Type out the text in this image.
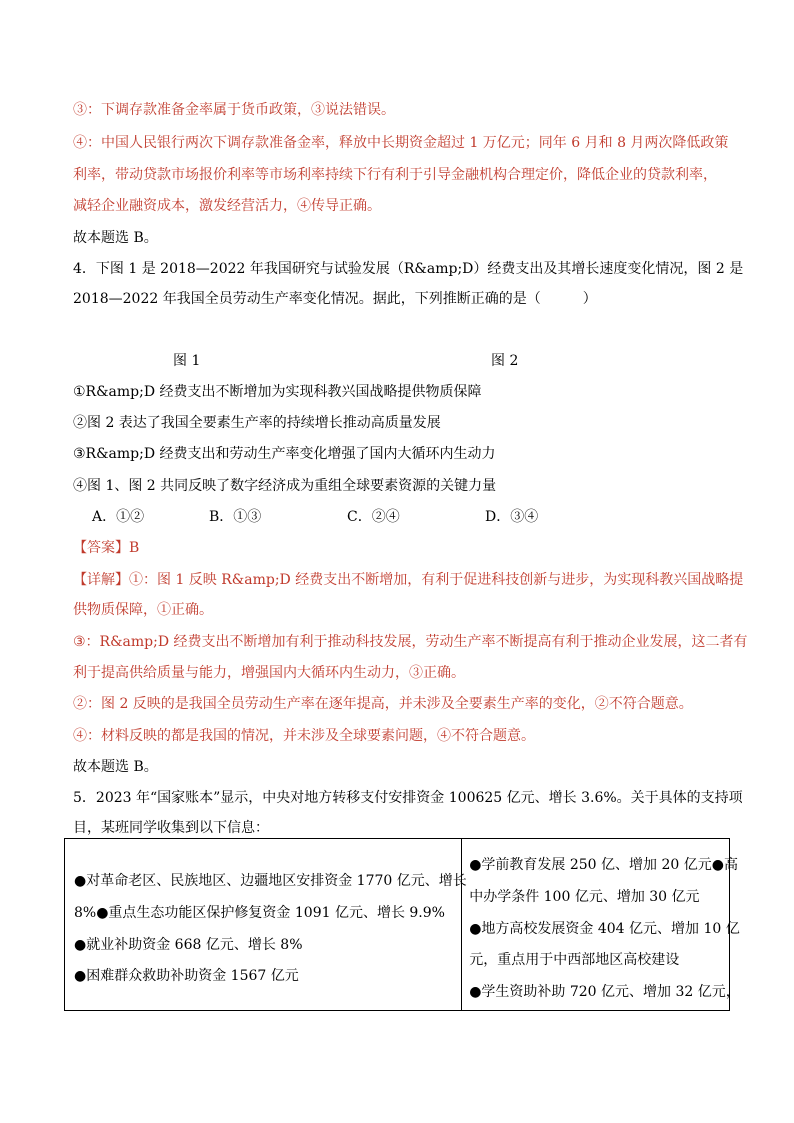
③：下调存款准备金率属于货币政策，③说法错误。
④：中国人民银行两次下调存款准备金率，释放中长期资金超过 1 万亿元；同年 6 月和 8 月两次降低政策
利率，带动贷款市场报价利率等市场利率持续下行有利于引导金融机构合理定价，降低企业的贷款利率，
减轻企业融资成本，激发经营活力，④传导正确。
故本题选 B。
4．下图 1 是 2018—2022 年我国研究与试验发展（R&amp;D）经费支出及其增长速度变化情况，图 2 是
2018—2022 年我国全员劳动生产率变化情况。据此，下列推断正确的是（　　　）
图 1	图 2
①R&amp;D 经费支出不断增加为实现科教兴国战略提供物质保障
②图 2 表达了我国全要素生产率的持续增长推动高质量发展
③R&amp;D 经费支出和劳动生产率变化增强了国内大循环内生动力
④图 1、图 2 共同反映了数字经济成为重组全球要素资源的关键力量
A．①②	B．①③	C．②④	D．③④
【答案】B
【详解】①：图 1 反映 R&amp;D 经费支出不断增加，有利于促进科技创新与进步，为实现科教兴国战略提
供物质保障，①正确。
③：R&amp;D 经费支出不断增加有利于推动科技发展，劳动生产率不断提高有利于推动企业发展，这二者有
利于提高供给质量与能力，增强国内大循环内生动力，③正确。
②：图 2 反映的是我国全员劳动生产率在逐年提高，并未涉及全要素生产率的变化，②不符合题意。
④：材料反映的都是我国的情况，并未涉及全球要素问题，④不符合题意。
故本题选 B。
5．2023 年“国家账本”显示，中央对地方转移支付安排资金 100625 亿元、增长 3.6%。关于具体的支持项
目，某班同学收集到以下信息：
●对革命老区、民族地区、边疆地区安排资金 1770 亿元、增长
8%●重点生态功能区保护修复资金 1091 亿元、增长 9.9%
●就业补助资金 668 亿元、增长 8%
●困难群众救助补助资金 1567 亿元

●学前教育发展 250 亿、增加 20 亿元●高
中办学条件 100 亿元、增加 30 亿元
●地方高校发展资金 404 亿元、增加 10 亿
元，重点用于中西部地区高校建设
●学生资助补助 720 亿元、增加 32 亿元，
